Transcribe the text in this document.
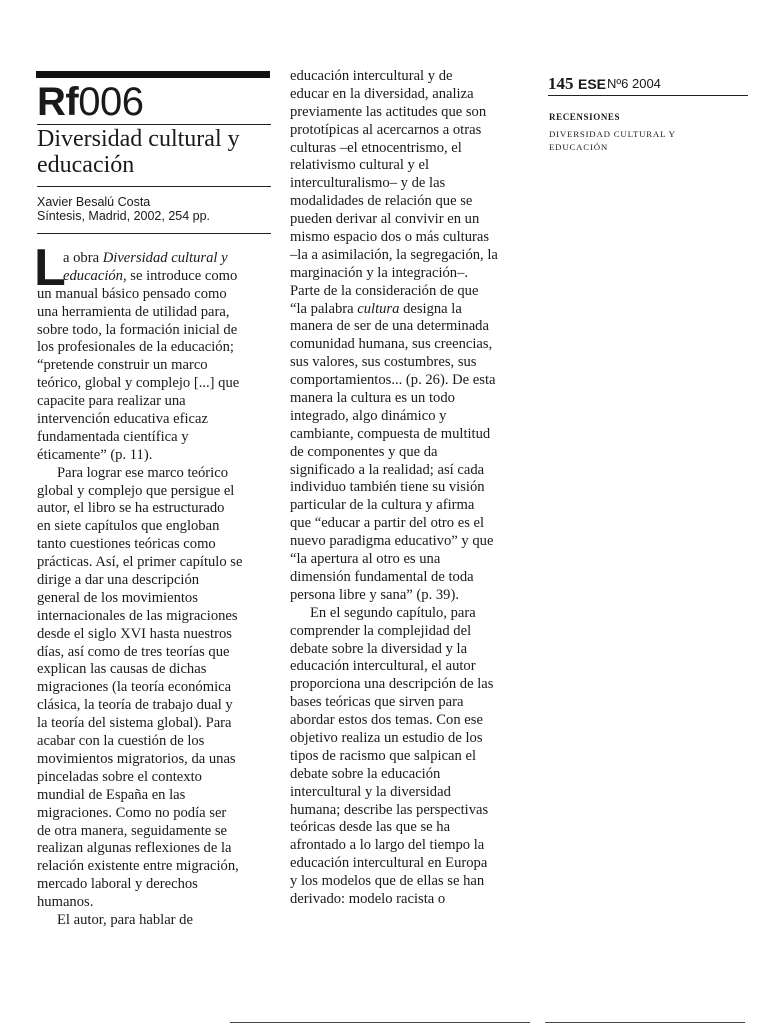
Rf006
Diversidad cultural y
educación
Xavier Besalú Costa
Síntesis, Madrid, 2002, 254 pp.
L
a obra Diversidad cultural y
educación, se introduce como
un manual básico pensado como
una herramienta de utilidad para,
sobre todo, la formación inicial de
los profesionales de la educación;
“pretende construir un marco
teórico, global y complejo [...] que
capacite para realizar una
intervención educativa eficaz
fundamentada científica y
éticamente” (p. 11).
Para lograr ese marco teórico
global y complejo que persigue el
autor, el libro se ha estructurado
en siete capítulos que engloban
tanto cuestiones teóricas como
prácticas. Así, el primer capítulo se
dirige a dar una descripción
general de los movimientos
internacionales de las migraciones
desde el siglo XVI hasta nuestros
días, así como de tres teorías que
explican las causas de dichas
migraciones (la teoría económica
clásica, la teoría de trabajo dual y
la teoría del sistema global). Para
acabar con la cuestión de los
movimientos migratorios, da unas
pinceladas sobre el contexto
mundial de España en las
migraciones. Como no podía ser
de otra manera, seguidamente se
realizan algunas reflexiones de la
relación existente entre migración,
mercado laboral y derechos
humanos.
El autor, para hablar de
educación intercultural y de
educar en la diversidad, analiza
previamente las actitudes que son
prototípicas al acercarnos a otras
culturas –el etnocentrismo, el
relativismo cultural y el
interculturalismo– y de las
modalidades de relación que se
pueden derivar al convivir en un
mismo espacio dos o más culturas
–la a asimilación, la segregación, la
marginación y la integración–.
Parte de la consideración de que
“la palabra cultura designa la
manera de ser de una determinada
comunidad humana, sus creencias,
sus valores, sus costumbres, sus
comportamientos... (p. 26). De esta
manera la cultura es un todo
integrado, algo dinámico y
cambiante, compuesta de multitud
de componentes y que da
significado a la realidad; así cada
individuo también tiene su visión
particular de la cultura y afirma
que “educar a partir del otro es el
nuevo paradigma educativo” y que
“la apertura al otro es una
dimensión fundamental de toda
persona libre y sana” (p. 39).
En el segundo capítulo, para
comprender la complejidad del
debate sobre la diversidad y la
educación intercultural, el autor
proporciona una descripción de las
bases teóricas que sirven para
abordar estos dos temas. Con ese
objetivo realiza un estudio de los
tipos de racismo que salpican el
debate sobre la educación
intercultural y la diversidad
humana; describe las perspectivas
teóricas desde las que se ha
afrontado a lo largo del tiempo la
educación intercultural en Europa
y los modelos que de ellas se han
derivado: modelo racista o
145 ESE Nº6 2004
RECENSIONES
DIVERSIDAD CULTURAL Y
EDUCACIÓN
